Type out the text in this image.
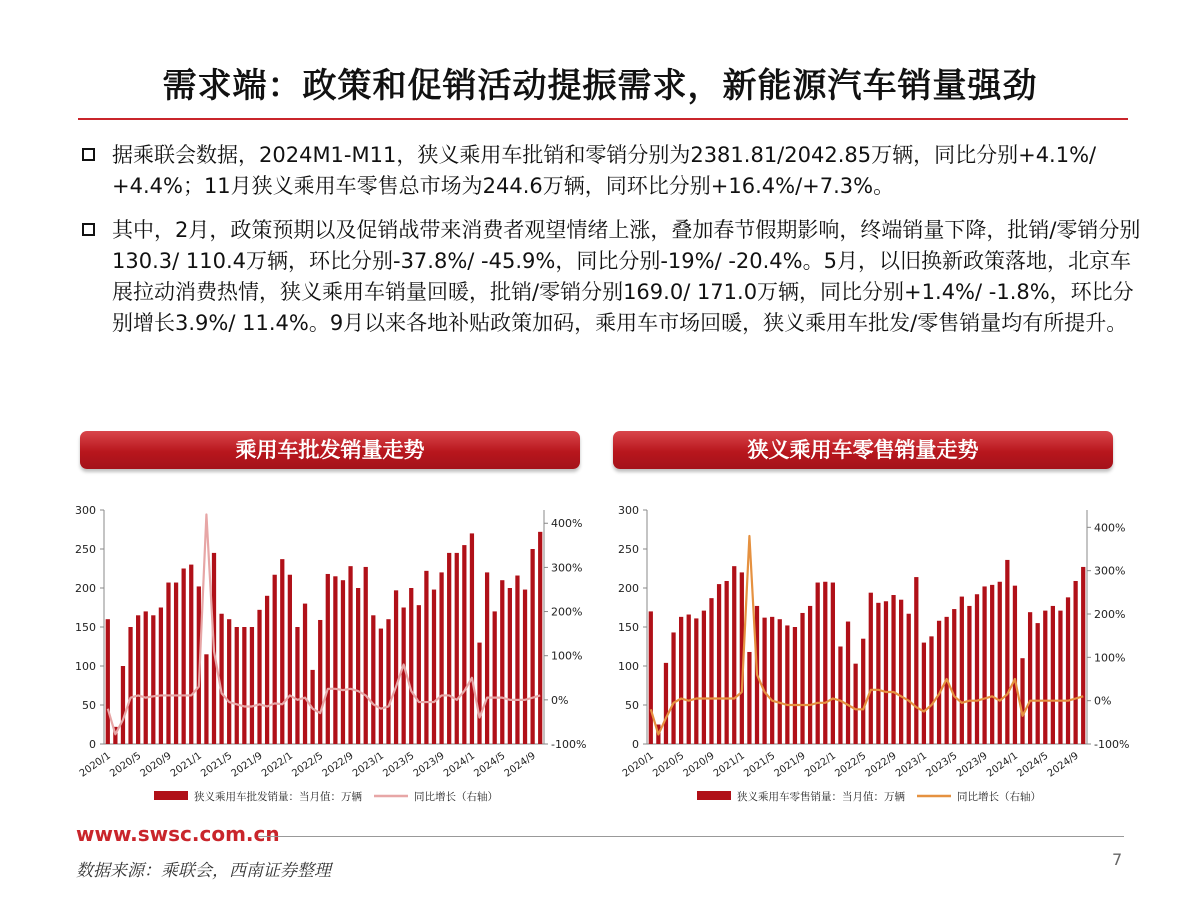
需求端：政策和促销活动提振需求，新能源汽车销量强劲
据乘联会数据，2024M1-M11，狭义乘用车批销和零销分别为2381.81/2042.85万辆，同比分别+4.1%/ +4.4%；11月狭义乘用车零售总市场为244.6万辆，同环比分别+16.4%/+7.3%。
其中，2月，政策预期以及促销战带来消费者观望情绪上涨，叠加春节假期影响，终端销量下降，批销/零销分别130.3/ 110.4万辆，环比分别-37.8%/ -45.9%，同比分别-19%/ -20.4%。5月，以旧换新政策落地，北京车展拉动消费热情，狭义乘用车销量回暖，批销/零销分别169.0/ 171.0万辆，同比分别+1.4%/ -1.8%，环比分别增长3.9%/ 11.4%。9月以来各地补贴政策加码，乘用车市场回暖，狭义乘用车批发/零售销量均有所提升。
乘用车批发销量走势	狭义乘用车零售销量走势
0
50
100
150
200
250
300
-100%
0%
100%
200%
300%
400%
2020/1
2020/5
2020/9
2021/1
2021/5
2021/9
2022/1
2022/5
2022/9
2023/1
2023/5
2023/9
2024/1
2024/5
2024/9
狭义乘用车批发销量：当月值：万辆	同比增长（右轴）
0
50
100
150
200
250
300
-100%
0%
100%
200%
300%
400%
2020/1
2020/5
2020/9
2021/1
2021/5
2021/9
2022/1
2022/5
2022/9
2023/1
2023/5
2023/9
2024/1
2024/5
2024/9
狭义乘用车零售销量：当月值：万辆	同比增长（右轴）
www.swsc.com.cn
数据来源：乘联会，西南证券整理
7
